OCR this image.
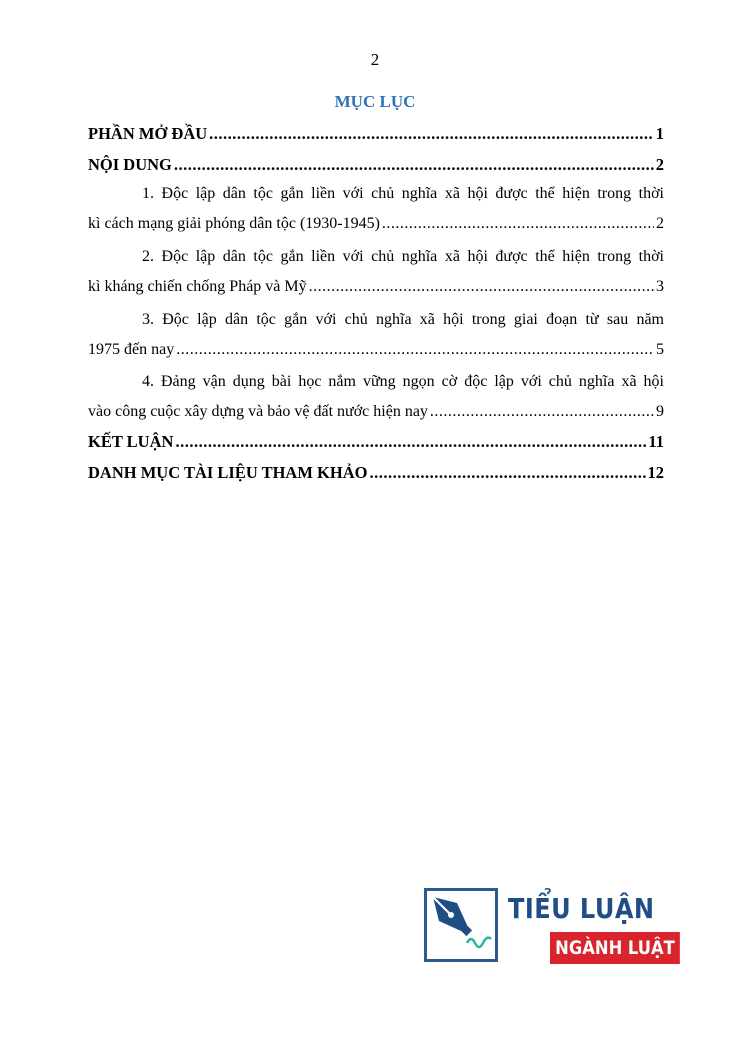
2
MỤC LỤC
PHẦN MỞ ĐẦU .....	1
NỘI DUNG .....	2
1. Độc lập dân tộc gắn liền với chủ nghĩa xã hội được thể hiện trong thời
kì cách mạng giải phóng dân tộc (1930-1945) .....	2
2. Độc lập dân tộc gắn liền với chủ nghĩa xã hội được thể hiện trong thời
kì kháng chiến chống Pháp và Mỹ .....	3
3. Độc lập dân tộc gắn với chủ nghĩa xã hội trong giai đoạn từ sau năm
1975 đến nay .....	5
4. Đảng vận dụng bài học nắm vững ngọn cờ độc lập với chủ nghĩa xã hội
vào công cuộc xây dựng và bảo vệ đất nước hiện nay .....	9
KẾT LUẬN .....	11
DANH MỤC TÀI LIỆU THAM KHẢO .....	12
TIỂU LUẬN
NGÀNH LUẬT
